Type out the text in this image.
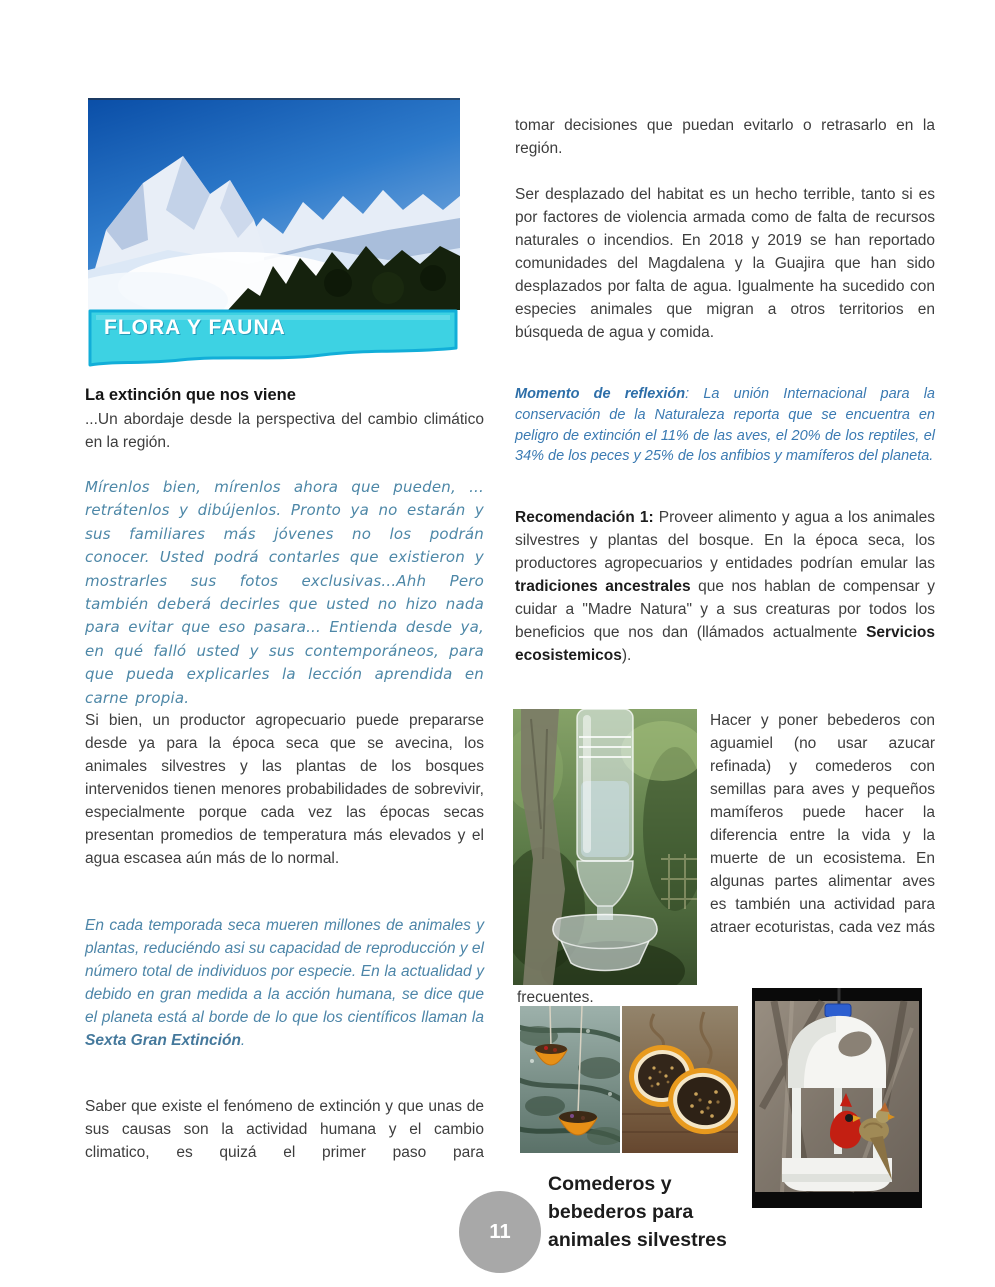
FLORA Y FAUNA

La extinción que nos viene

...Un abordaje desde la perspectiva del cambio climático en la región.

Mírenlos bien, mírenlos ahora que pueden, ... retrátenlos y dibújenlos. Pronto ya no estarán y sus familiares más jóvenes no los podrán conocer. Usted podrá contarles que existieron y mostrarles sus fotos exclusivas...Ahh Pero también deberá decirles que usted no hizo nada para evitar que eso pasara... Entienda desde ya, en qué falló usted y sus contemporáneos, para que pueda explicarles la lección aprendida en carne propia.

Si bien, un productor agropecuario puede prepararse desde ya para la época seca que se avecina, los animales silvestres y las plantas de los bosques intervenidos tienen menores probabilidades de sobrevivir, especialmente porque cada vez las épocas secas presentan promedios de temperatura más elevados y el agua escasea aún más de lo normal.

En cada temporada seca mueren millones de animales y plantas, reduciéndo asi su capacidad de reproducción y el número total de individuos por especie. En la actualidad y debido en gran medida a la acción humana, se dice que el planeta está al borde de lo que los científicos llaman la Sexta Gran Extinción.

Saber que existe el fenómeno de extinción y que unas de sus causas son la actividad humana y el cambio climatico, es quizá el primer paso para

tomar decisiones que puedan evitarlo o retrasarlo en la región.

Ser desplazado del habitat es un hecho terrible, tanto si es por factores de violencia armada como de falta de recursos naturales o incendios. En 2018 y 2019 se han reportado comunidades del Magdalena y la Guajira que han sido desplazados por falta de agua. Igualmente ha sucedido con especies animales que migran a otros territorios en búsqueda de agua y comida.

Momento de reflexión: La unión Internacional para la conservación de la Naturaleza reporta que se encuentra en peligro de extinción el 11% de las aves, el 20% de los reptiles, el 34% de los peces y 25% de los anfibios y mamíferos del planeta.

Recomendación 1: Proveer alimento y agua a los animales silvestres y plantas del bosque. En la época seca, los productores agropecuarios y entidades podrían emular las tradiciones ancestrales que nos hablan de compensar y cuidar a "Madre Natura" y a sus creaturas por todos los beneficios que nos dan (llámados actualmente Servicios ecosistemicos).

Hacer y poner bebederos con aguamiel (no usar azucar refinada) y comederos con semillas para aves y pequeños mamíferos puede hacer la diferencia entre la vida y la muerte de un ecosistema. En algunas partes alimentar aves es también una actividad para atraer ecoturistas, cada vez más

frecuentes.

Comederos y bebederos para animales silvestres

11
